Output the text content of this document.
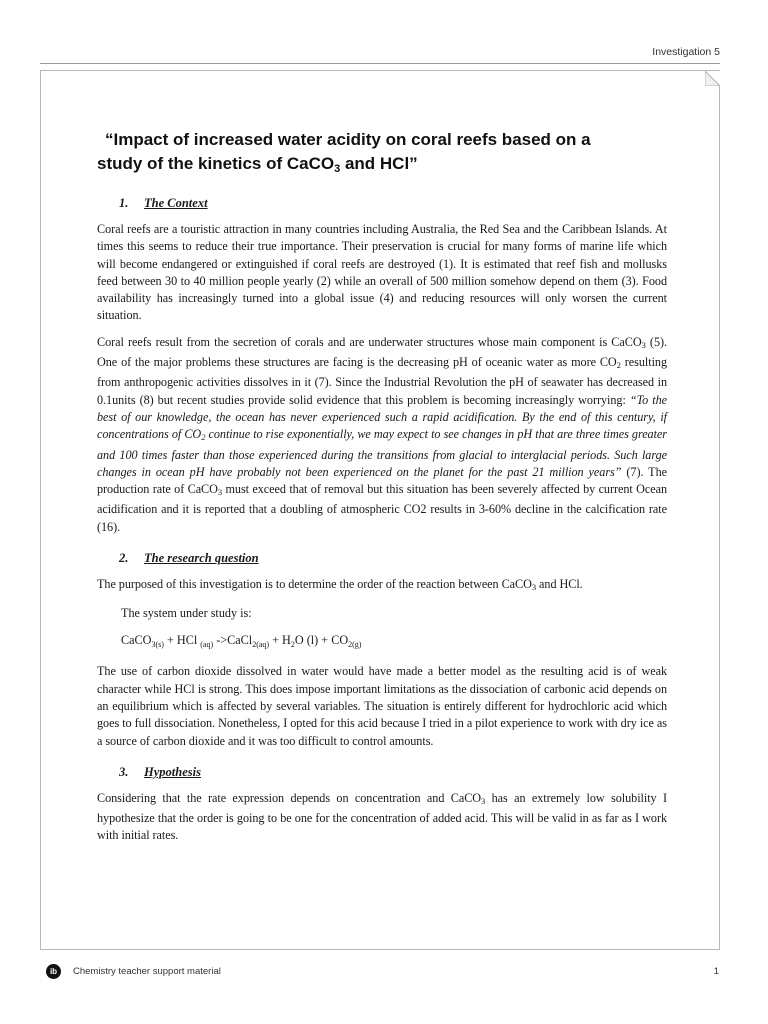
Investigation 5
“Impact of increased water acidity on coral reefs based on a
study of the kinetics of CaCO$_3$ and HCl”
1. The Context

Coral reefs are a touristic attraction in many countries including Australia, the Red Sea and the Caribbean Islands. At times this seems to reduce their true importance. Their preservation is crucial for many forms of marine life which will become endangered or extinguished if coral reefs are destroyed (1). It is estimated that reef fish and mollusks feed between 30 to 40 million people yearly (2) while an overall of 500 million somehow depend on them (3). Food availability has increasingly turned into a global issue (4) and reducing resources will only worsen the current situation.

Coral reefs result from the secretion of corals and are underwater structures whose main component is CaCO$_3$ (5). One of the major problems these structures are facing is the decreasing pH of oceanic water as more $CO_2$ resulting from anthropogenic activities dissolves in it (7). Since the Industrial Revolution the pH of seawater has decreased in 0.1units (8) but recent studies provide solid evidence that this problem is becoming increasingly worrying: “To the best of our knowledge, the ocean has never experienced such a rapid acidification. By the end of this century, if concentrations of $CO_2$ continue to rise exponentially, we may expect to see changes in pH that are three times greater and 100 times faster than those experienced during the transitions from glacial to interglacial periods. Such large changes in ocean pH have probably not been experienced on the planet for the past 21 million years” (7). The production rate of CaCO$_3$ must exceed that of removal but this situation has been severely affected by current Ocean acidification and it is reported that a doubling of atmospheric CO2 results in 3-60% decline in the calcification rate (16).

2. The research question

The purposed of this investigation is to determine the order of the reaction between CaCO$_3$ and HCl.

The system under study is:

CaCO$_{3(s)}$ + HCl $_{(aq)}$ ->CaCl$_{2(aq)}$ + $H_2O$ $(l) + CO_{2(g)}$

The use of carbon dioxide dissolved in water would have made a better model as the resulting acid is of weak character while HCl is strong. This does impose important limitations as the dissociation of carbonic acid depends on an equilibrium which is affected by several variables. The situation is entirely different for hydrochloric acid which goes to full dissociation. Nonetheless, I opted for this acid because I tried in a pilot experience to work with dry ice as a source of carbon dioxide and it was too difficult to control amounts.

3. Hypothesis

Considering that the rate expression depends on concentration and CaCO$_3$ has an extremely low solubility I hypothesize that the order is going to be one for the concentration of added acid. This will be valid in as far as I work with initial rates.

ib	Chemistry teacher support material	1
